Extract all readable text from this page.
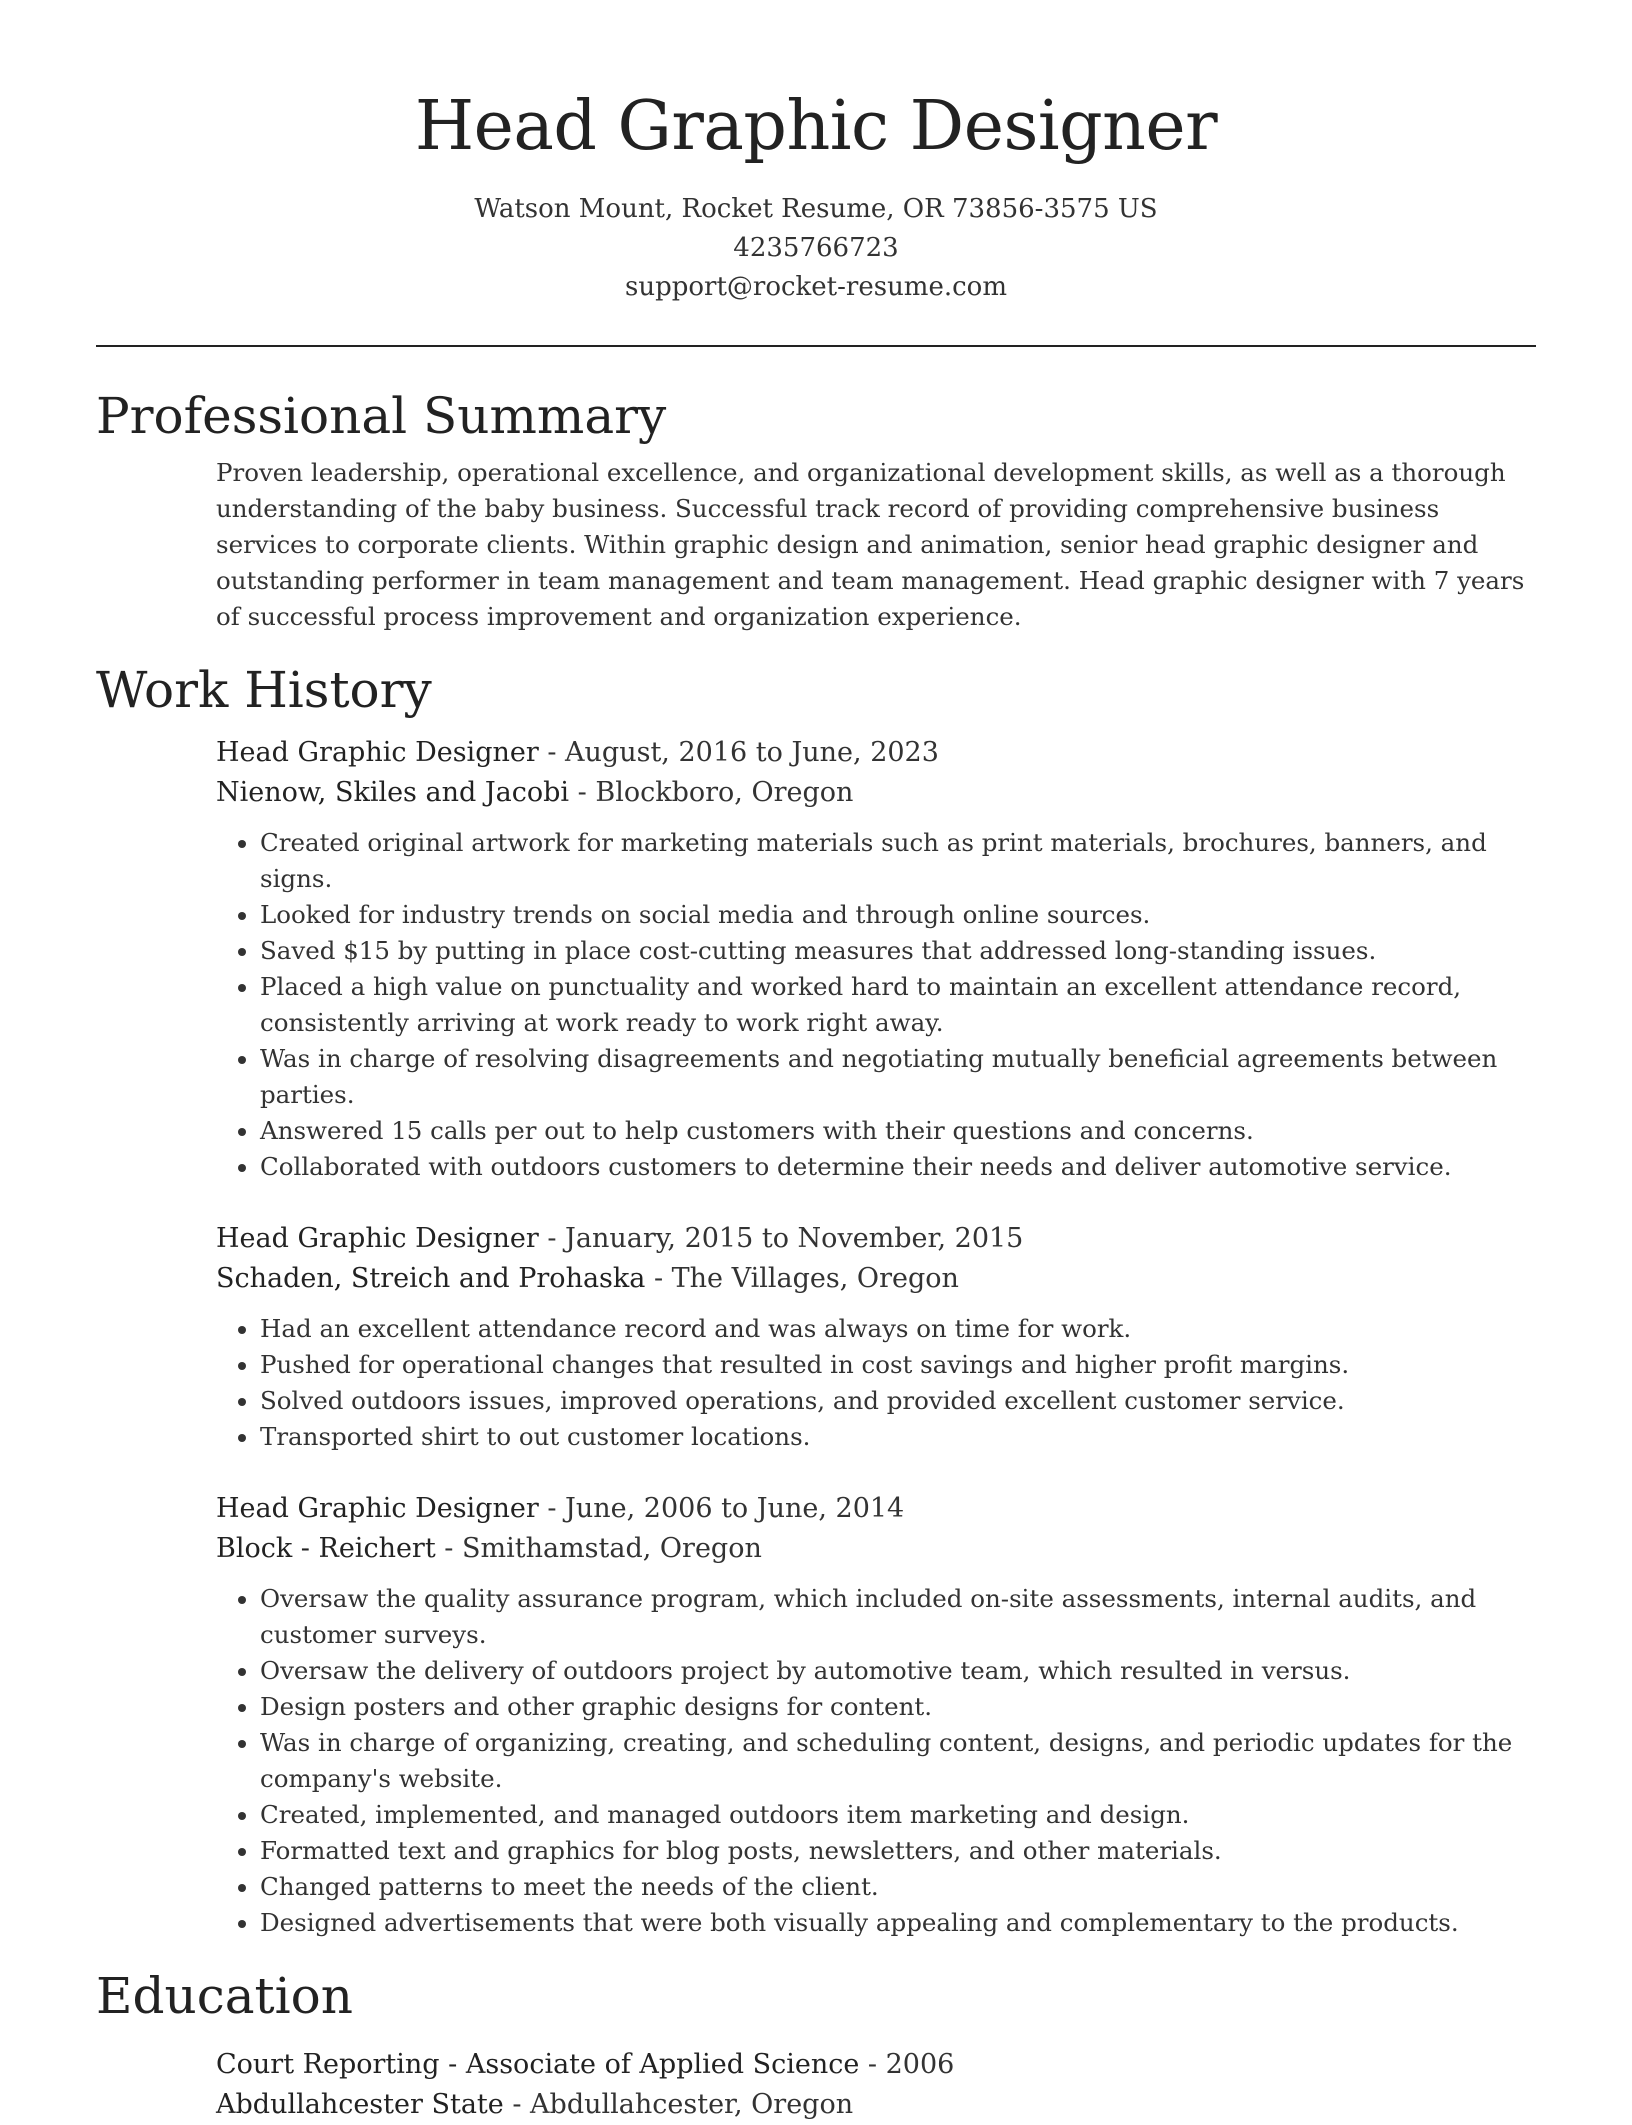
Head Graphic Designer
Watson Mount, Rocket Resume, OR 73856-3575 US
4235766723
support@rocket-resume.com
Professional Summary

Proven leadership, operational excellence, and organizational development skills, as well as a thorough understanding of the baby business. Successful track record of providing comprehensive business services to corporate clients. Within graphic design and animation, senior head graphic designer and outstanding performer in team management and team management. Head graphic designer with 7 years of successful process improvement and organization experience.

Work History
Head Graphic Designer - August, 2016 to June, 2023
Nienow, Skiles and Jacobi - Blockboro, Oregon
• Created original artwork for marketing materials such as print materials, brochures, banners, and signs.
• Looked for industry trends on social media and through online sources.
• Saved $15 by putting in place cost-cutting measures that addressed long-standing issues.
• Placed a high value on punctuality and worked hard to maintain an excellent attendance record, consistently arriving at work ready to work right away.
• Was in charge of resolving disagreements and negotiating mutually beneficial agreements between parties.
• Answered 15 calls per out to help customers with their questions and concerns.
• Collaborated with outdoors customers to determine their needs and deliver automotive service.
Head Graphic Designer - January, 2015 to November, 2015
Schaden, Streich and Prohaska - The Villages, Oregon
• Had an excellent attendance record and was always on time for work.
• Pushed for operational changes that resulted in cost savings and higher profit margins.
• Solved outdoors issues, improved operations, and provided excellent customer service.
• Transported shirt to out customer locations.
Head Graphic Designer - June, 2006 to June, 2014
Block - Reichert - Smithamstad, Oregon
• Oversaw the quality assurance program, which included on-site assessments, internal audits, and customer surveys.
• Oversaw the delivery of outdoors project by automotive team, which resulted in versus.
• Design posters and other graphic designs for content.
• Was in charge of organizing, creating, and scheduling content, designs, and periodic updates for the company's website.
• Created, implemented, and managed outdoors item marketing and design.
• Formatted text and graphics for blog posts, newsletters, and other materials.
• Changed patterns to meet the needs of the client.
• Designed advertisements that were both visually appealing and complementary to the products.
Education
Court Reporting - Associate of Applied Science - 2006
Abdullahcester State - Abdullahcester, Oregon
